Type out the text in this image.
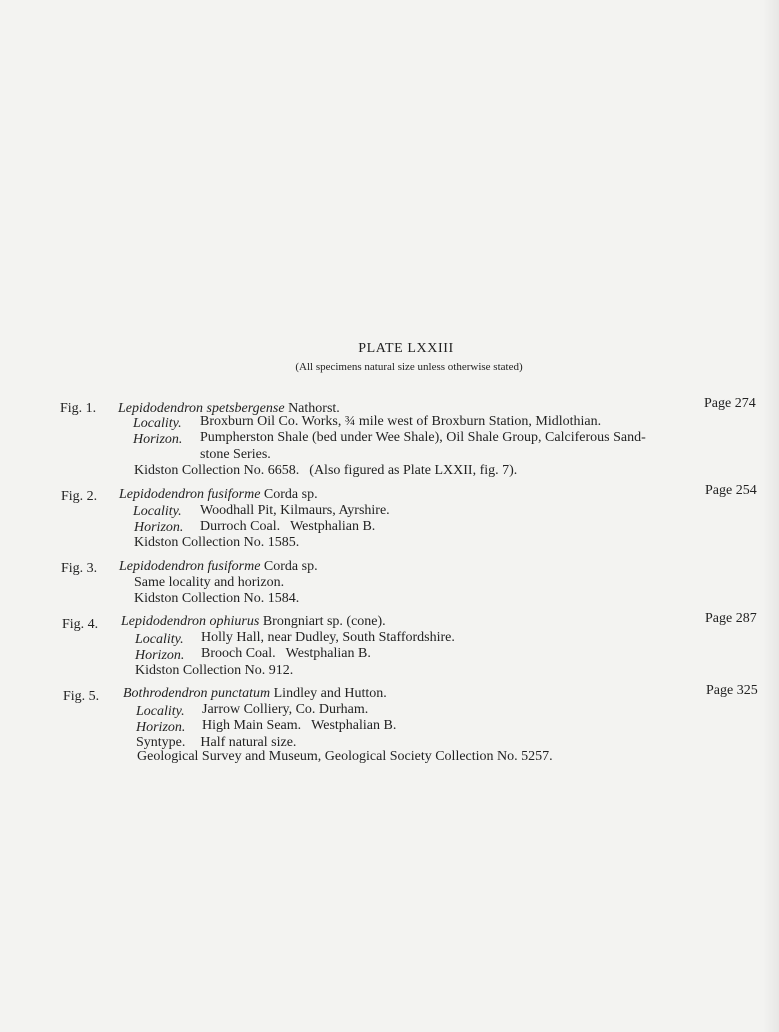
PLATE LXXIII
(All specimens natural size unless otherwise stated)
Fig. 1. Lepidodendron spetsbergense Nathorst.	Page 274
Locality. Broxburn Oil Co. Works, ¾ mile west of Broxburn Station, Midlothian.
Horizon. Pumpherston Shale (bed under Wee Shale), Oil Shale Group, Calciferous Sand-
stone Series.
Kidston Collection No. 6658. (Also figured as Plate LXXII, fig. 7).
Fig. 2. Lepidodendron fusiforme Corda sp.	Page 254
Locality. Woodhall Pit, Kilmaurs, Ayrshire.
Horizon. Durroch Coal. Westphalian B.
Kidston Collection No. 1585.
Fig. 3. Lepidodendron fusiforme Corda sp.
Same locality and horizon.
Kidston Collection No. 1584.
Fig. 4. Lepidodendron ophiurus Brongniart sp. (cone).	Page 287
Locality. Holly Hall, near Dudley, South Staffordshire.
Horizon. Brooch Coal. Westphalian B.
Kidston Collection No. 912.
Fig. 5. Bothrodendron punctatum Lindley and Hutton.	Page 325
Locality. Jarrow Colliery, Co. Durham.
Horizon. High Main Seam. Westphalian B.
Syntype. Half natural size.
Geological Survey and Museum, Geological Society Collection No. 5257.
